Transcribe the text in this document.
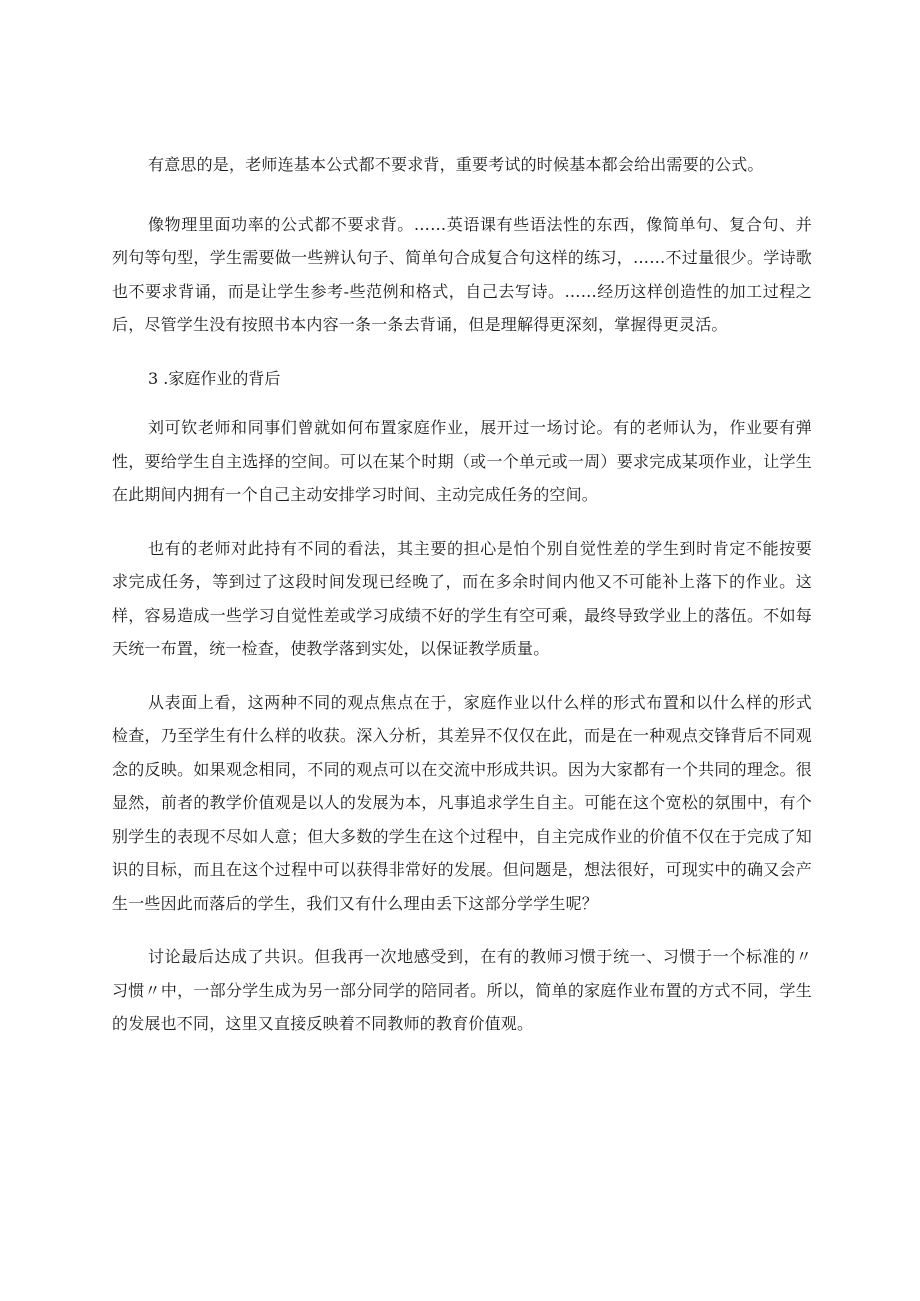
有意思的是，老师连基本公式都不要求背，重要考试的时候基本都会给出需要的公式。

像物理里面功率的公式都不要求背。……英语课有些语法性的东西，像简单句、复合句、并列句等句型，学生需要做一些辨认句子、简单句合成复合句这样的练习，……不过量很少。学诗歌也不要求背诵，而是让学生参考-些范例和格式，自己去写诗。……经历这样创造性的加工过程之后，尽管学生没有按照书本内容一条一条去背诵，但是理解得更深刻，掌握得更灵活。

3 .家庭作业的背后

刘可钦老师和同事们曾就如何布置家庭作业，展开过一场讨论。有的老师认为，作业要有弹性，要给学生自主选择的空间。可以在某个时期（或一个单元或一周）要求完成某项作业，让学生在此期间内拥有一个自己主动安排学习时间、主动完成任务的空间。

也有的老师对此持有不同的看法，其主要的担心是怕个别自觉性差的学生到时肯定不能按要求完成任务，等到过了这段时间发现已经晚了，而在多余时间内他又不可能补上落下的作业。这样，容易造成一些学习自觉性差或学习成绩不好的学生有空可乘，最终导致学业上的落伍。不如每天统一布置，统一检查，使教学落到实处，以保证教学质量。

从表面上看，这两种不同的观点焦点在于，家庭作业以什么样的形式布置和以什么样的形式检查，乃至学生有什么样的收获。深入分析，其差异不仅仅在此，而是在一种观点交锋背后不同观念的反映。如果观念相同，不同的观点可以在交流中形成共识。因为大家都有一个共同的理念。很显然，前者的教学价值观是以人的发展为本，凡事追求学生自主。可能在这个宽松的氛围中，有个别学生的表现不尽如人意；但大多数的学生在这个过程中，自主完成作业的价值不仅在于完成了知识的目标，而且在这个过程中可以获得非常好的发展。但问题是，想法很好，可现实中的确又会产生一些因此而落后的学生，我们又有什么理由丢下这部分学学生呢？

讨论最后达成了共识。但我再一次地感受到，在有的教师习惯于统一、习惯于一个标准的〃习惯〃中，一部分学生成为另一部分同学的陪同者。所以，简单的家庭作业布置的方式不同，学生的发展也不同，这里又直接反映着不同教师的教育价值观。
